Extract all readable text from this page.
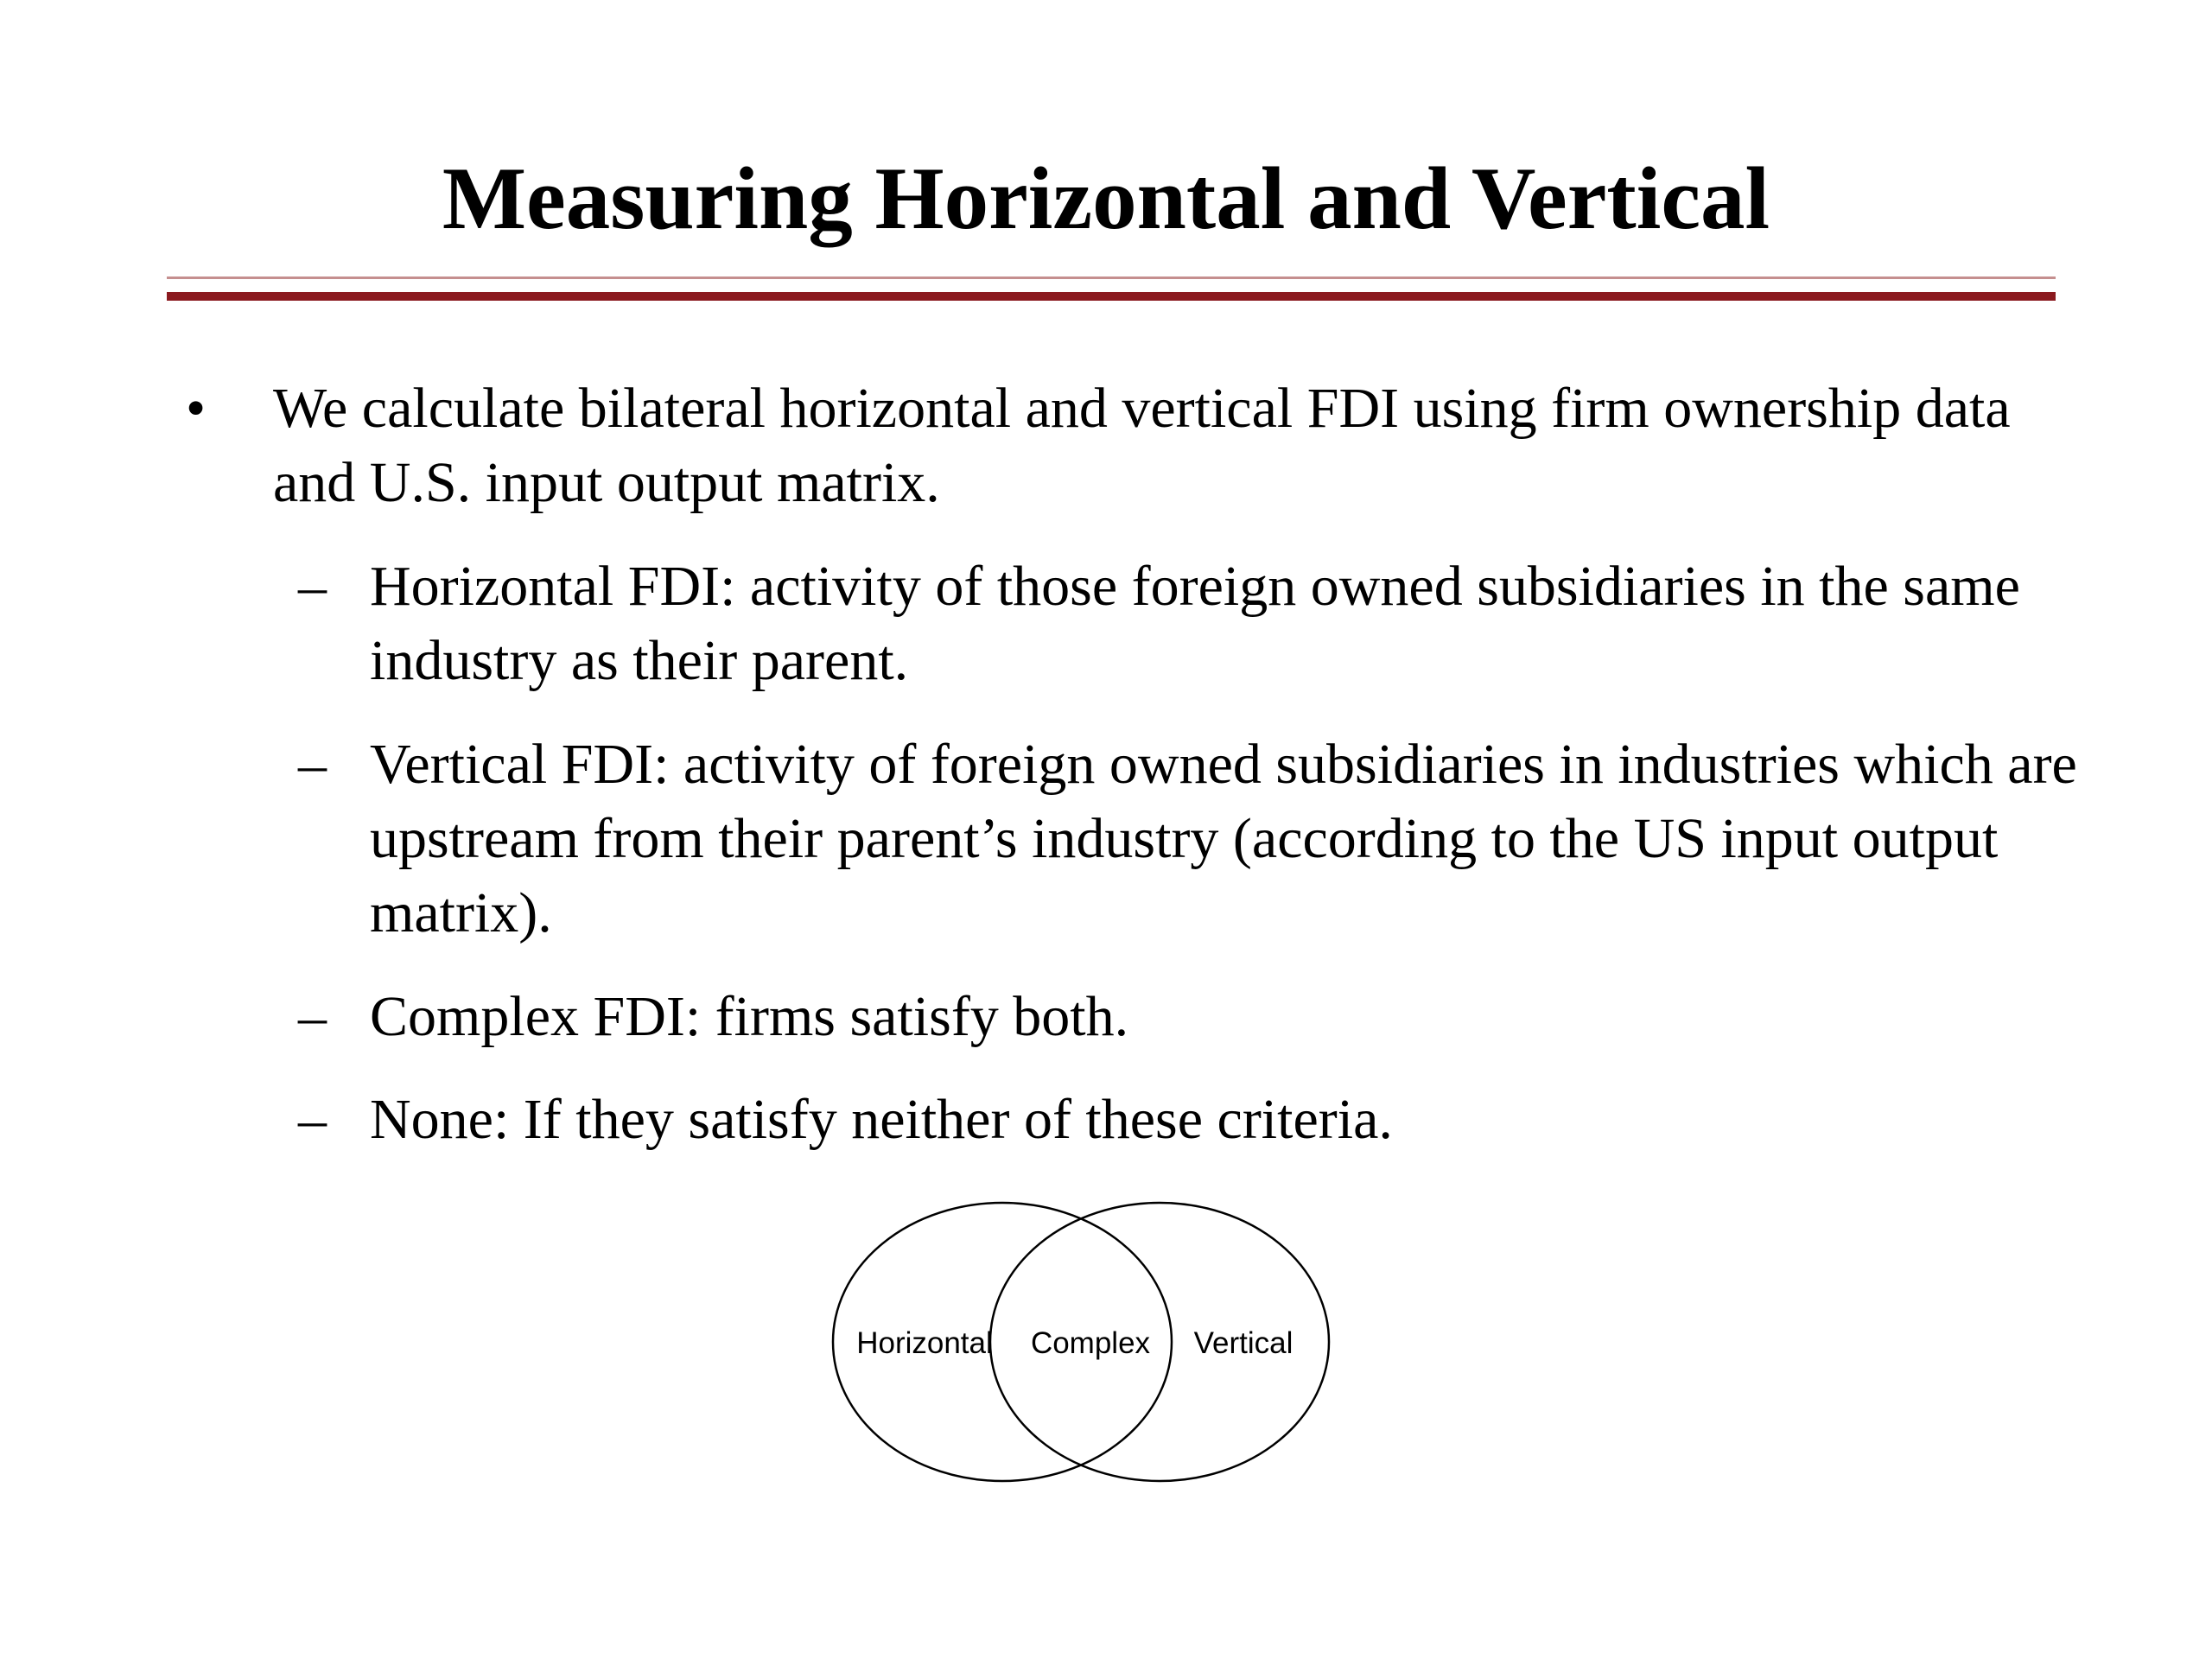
Measuring Horizontal and Vertical
• We calculate bilateral horizontal and vertical FDI using firm ownership data and U.S. input output matrix.
– Horizontal FDI: activity of those foreign owned subsidiaries in the same industry as their parent.
– Vertical FDI: activity of foreign owned subsidiaries in industries which are upstream from their parent’s industry (according to the US input output matrix).
– Complex FDI: firms satisfy both.
– None: If they satisfy neither of these criteria.
Horizontal Complex Vertical
